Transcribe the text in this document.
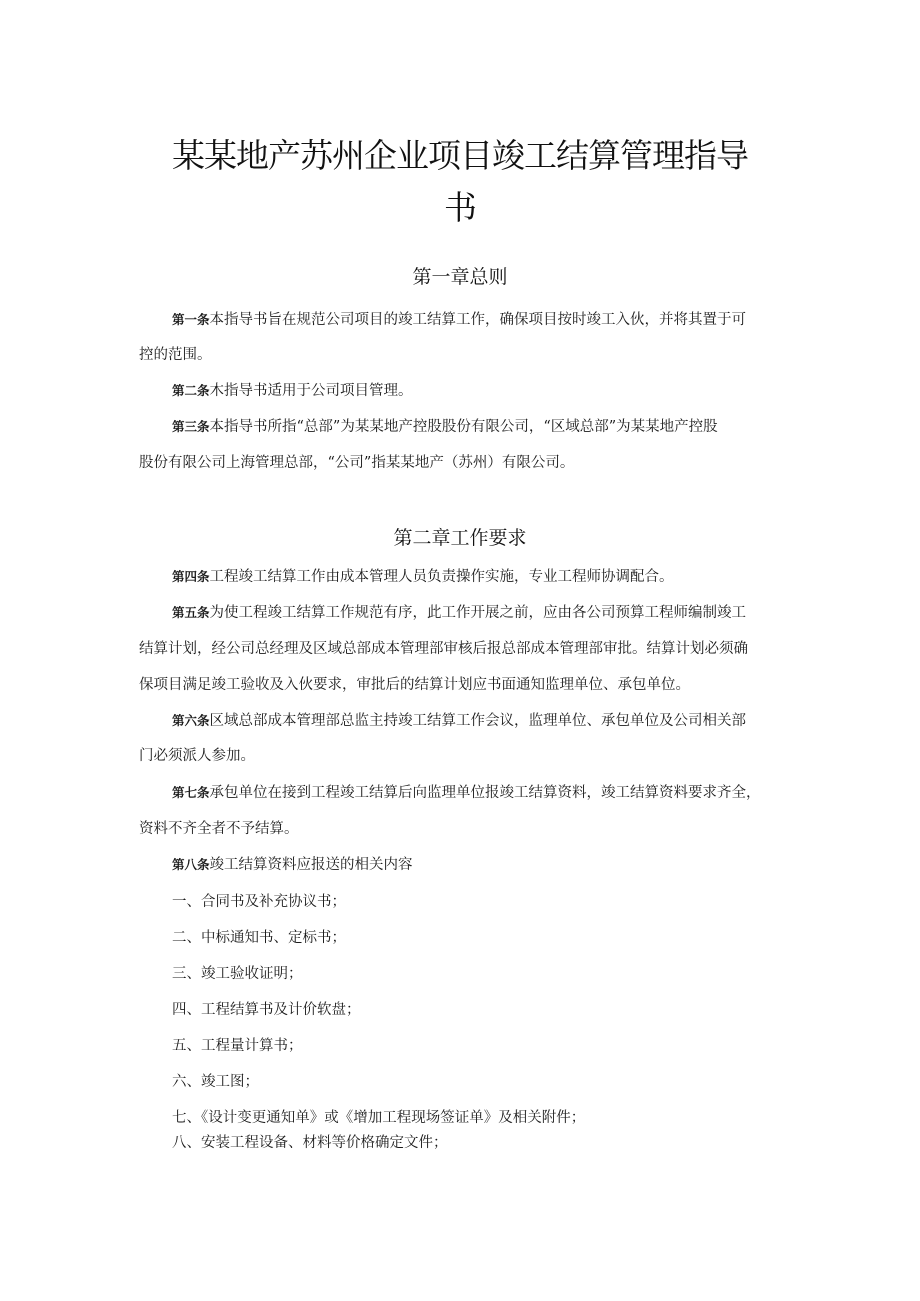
某某地产苏州企业项目竣工结算管理指导
书
第一章总则
第一条本指导书旨在规范公司项目的竣工结算工作，确保项目按时竣工入伙，并将其置于可
控的范围。
第二条木指导书适用于公司项目管理。
第三条本指导书所指“总部”为某某地产控股股份有限公司，“区域总部”为某某地产控股
股份有限公司上海管理总部，“公司”指某某地产（苏州）有限公司。
第二章工作要求
第四条工程竣工结算工作由成本管理人员负责操作实施，专业工程师协调配合。
第五条为使工程竣工结算工作规范有序，此工作开展之前，应由各公司预算工程师编制竣工
结算计划，经公司总经理及区域总部成本管理部审核后报总部成本管理部审批。结算计划必须确
保项目满足竣工验收及入伙要求，审批后的结算计划应书面通知监理单位、承包单位。
第六条区域总部成本管理部总监主持竣工结算工作会议，监理单位、承包单位及公司相关部
门必须派人参加。
第七条承包单位在接到工程竣工结算后向监理单位报竣工结算资料，竣工结算资料要求齐全，
资料不齐全者不予结算。
第八条竣工结算资料应报送的相关内容
一、合同书及补充协议书；
二、中标通知书、定标书；
三、竣工验收证明；
四、工程结算书及计价软盘；
五、工程量计算书；
六、竣工图；
七、《设计变更通知单》或《增加工程现场签证单》及相关附件；
八、安装工程设备、材料等价格确定文件；
